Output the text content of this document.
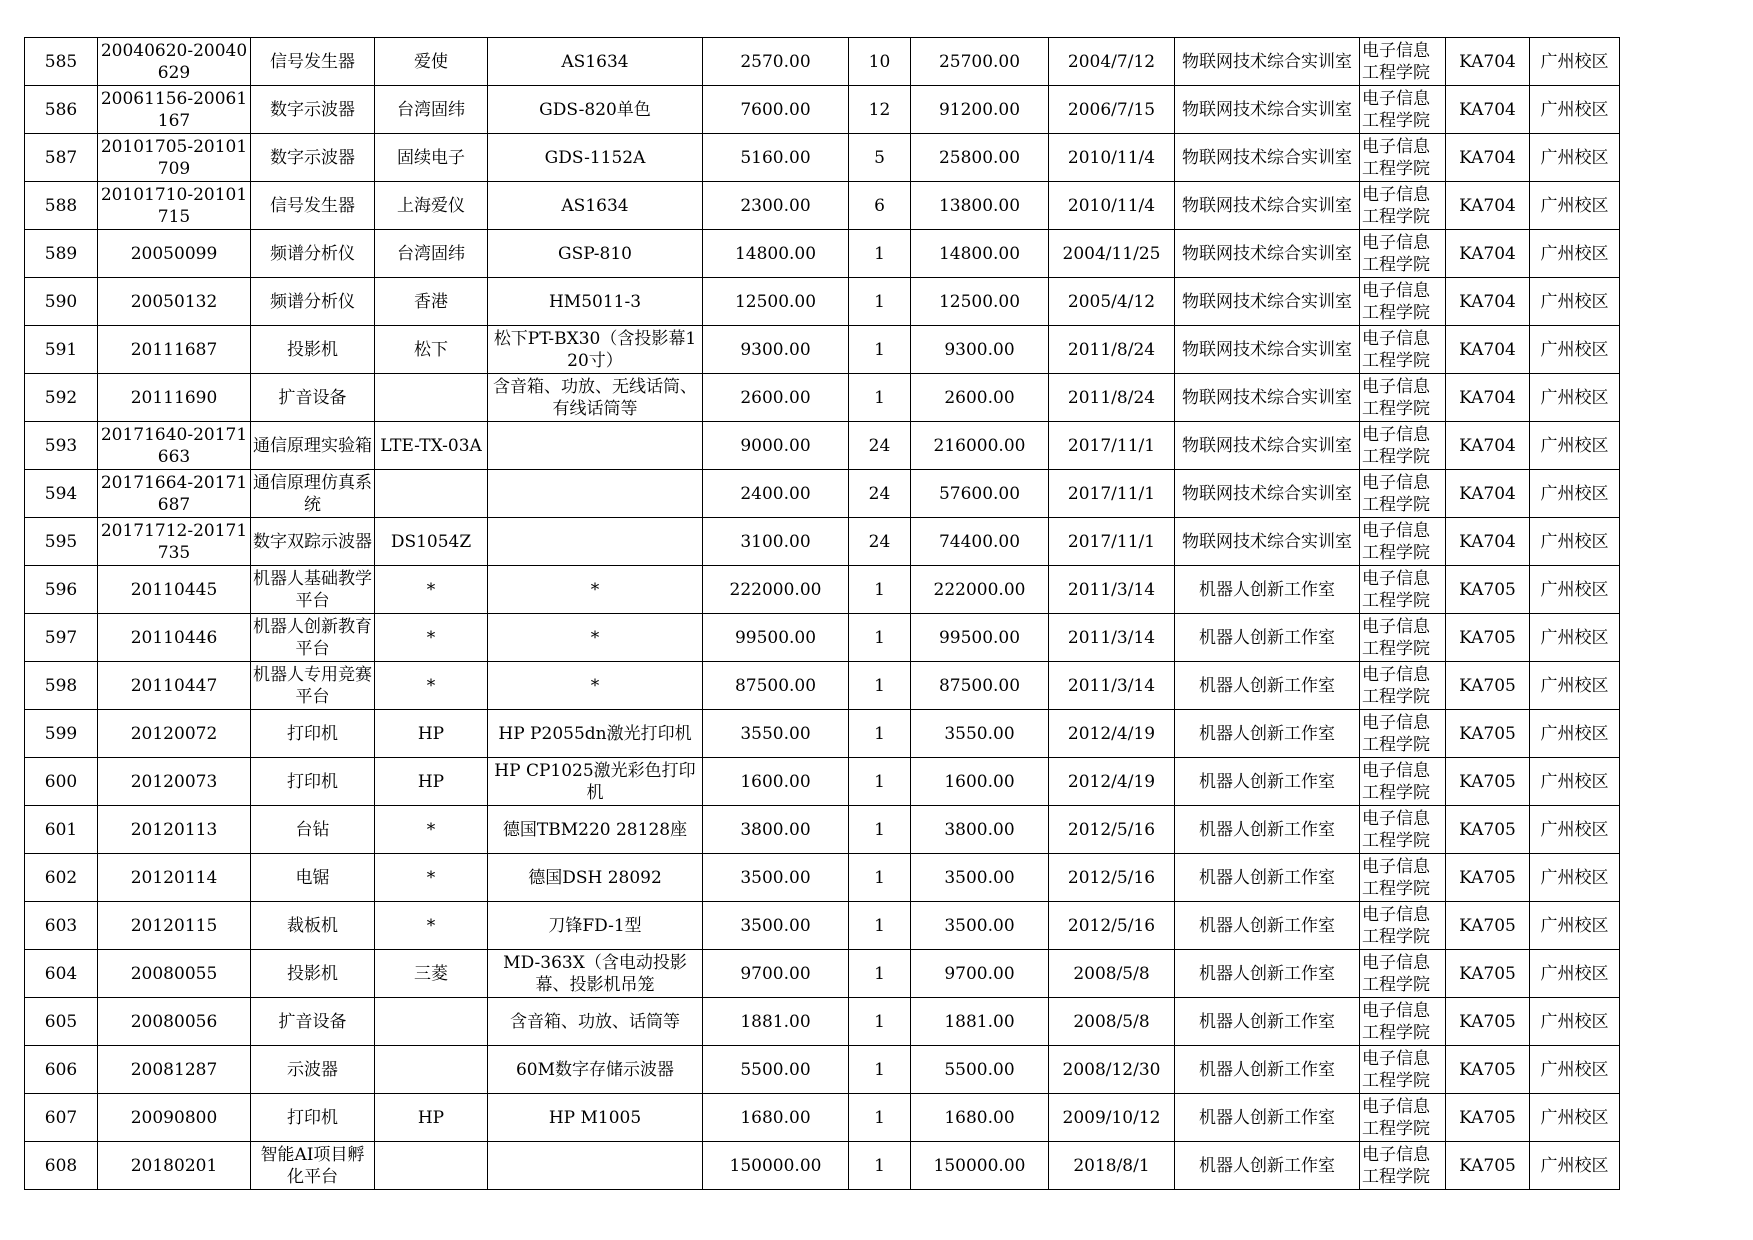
585	20040620-20040629	信号发生器	爱使	AS1634	2570.00	10	25700.00	2004/7/12	物联网技术综合实训室	电子信息工程学院	KA704	广州校区
586	20061156-20061167	数字示波器	台湾固纬	GDS-820单色	7600.00	12	91200.00	2006/7/15	物联网技术综合实训室	电子信息工程学院	KA704	广州校区
587	20101705-20101709	数字示波器	固续电子	GDS-1152A	5160.00	5	25800.00	2010/11/4	物联网技术综合实训室	电子信息工程学院	KA704	广州校区
588	20101710-20101715	信号发生器	上海爱仪	AS1634	2300.00	6	13800.00	2010/11/4	物联网技术综合实训室	电子信息工程学院	KA704	广州校区
589	20050099	频谱分析仪	台湾固纬	GSP-810	14800.00	1	14800.00	2004/11/25	物联网技术综合实训室	电子信息工程学院	KA704	广州校区
590	20050132	频谱分析仪	香港	HM5011-3	12500.00	1	12500.00	2005/4/12	物联网技术综合实训室	电子信息工程学院	KA704	广州校区
591	20111687	投影机	松下	松下PT-BX30（含投影幕120寸）	9300.00	1	9300.00	2011/8/24	物联网技术综合实训室	电子信息工程学院	KA704	广州校区
592	20111690	扩音设备		含音箱、功放、无线话筒、有线话筒等	2600.00	1	2600.00	2011/8/24	物联网技术综合实训室	电子信息工程学院	KA704	广州校区
593	20171640-20171663	通信原理实验箱	LTE-TX-03A		9000.00	24	216000.00	2017/11/1	物联网技术综合实训室	电子信息工程学院	KA704	广州校区
594	20171664-20171687	通信原理仿真系统			2400.00	24	57600.00	2017/11/1	物联网技术综合实训室	电子信息工程学院	KA704	广州校区
595	20171712-20171735	数字双踪示波器	DS1054Z		3100.00	24	74400.00	2017/11/1	物联网技术综合实训室	电子信息工程学院	KA704	广州校区
596	20110445	机器人基础教学平台	*	*	222000.00	1	222000.00	2011/3/14	机器人创新工作室	电子信息工程学院	KA705	广州校区
597	20110446	机器人创新教育平台	*	*	99500.00	1	99500.00	2011/3/14	机器人创新工作室	电子信息工程学院	KA705	广州校区
598	20110447	机器人专用竞赛平台	*	*	87500.00	1	87500.00	2011/3/14	机器人创新工作室	电子信息工程学院	KA705	广州校区
599	20120072	打印机	HP	HP P2055dn激光打印机	3550.00	1	3550.00	2012/4/19	机器人创新工作室	电子信息工程学院	KA705	广州校区
600	20120073	打印机	HP	HP CP1025激光彩色打印机	1600.00	1	1600.00	2012/4/19	机器人创新工作室	电子信息工程学院	KA705	广州校区
601	20120113	台钻	*	德国TBM220 28128座	3800.00	1	3800.00	2012/5/16	机器人创新工作室	电子信息工程学院	KA705	广州校区
602	20120114	电锯	*	德国DSH 28092	3500.00	1	3500.00	2012/5/16	机器人创新工作室	电子信息工程学院	KA705	广州校区
603	20120115	裁板机	*	刀锋FD-1型	3500.00	1	3500.00	2012/5/16	机器人创新工作室	电子信息工程学院	KA705	广州校区
604	20080055	投影机	三菱	MD-363X（含电动投影幕、投影机吊笼	9700.00	1	9700.00	2008/5/8	机器人创新工作室	电子信息工程学院	KA705	广州校区
605	20080056	扩音设备		含音箱、功放、话筒等	1881.00	1	1881.00	2008/5/8	机器人创新工作室	电子信息工程学院	KA705	广州校区
606	20081287	示波器		60M数字存储示波器	5500.00	1	5500.00	2008/12/30	机器人创新工作室	电子信息工程学院	KA705	广州校区
607	20090800	打印机	HP	HP M1005	1680.00	1	1680.00	2009/10/12	机器人创新工作室	电子信息工程学院	KA705	广州校区
608	20180201	智能AI项目孵化平台			150000.00	1	150000.00	2018/8/1	机器人创新工作室	电子信息工程学院	KA705	广州校区
